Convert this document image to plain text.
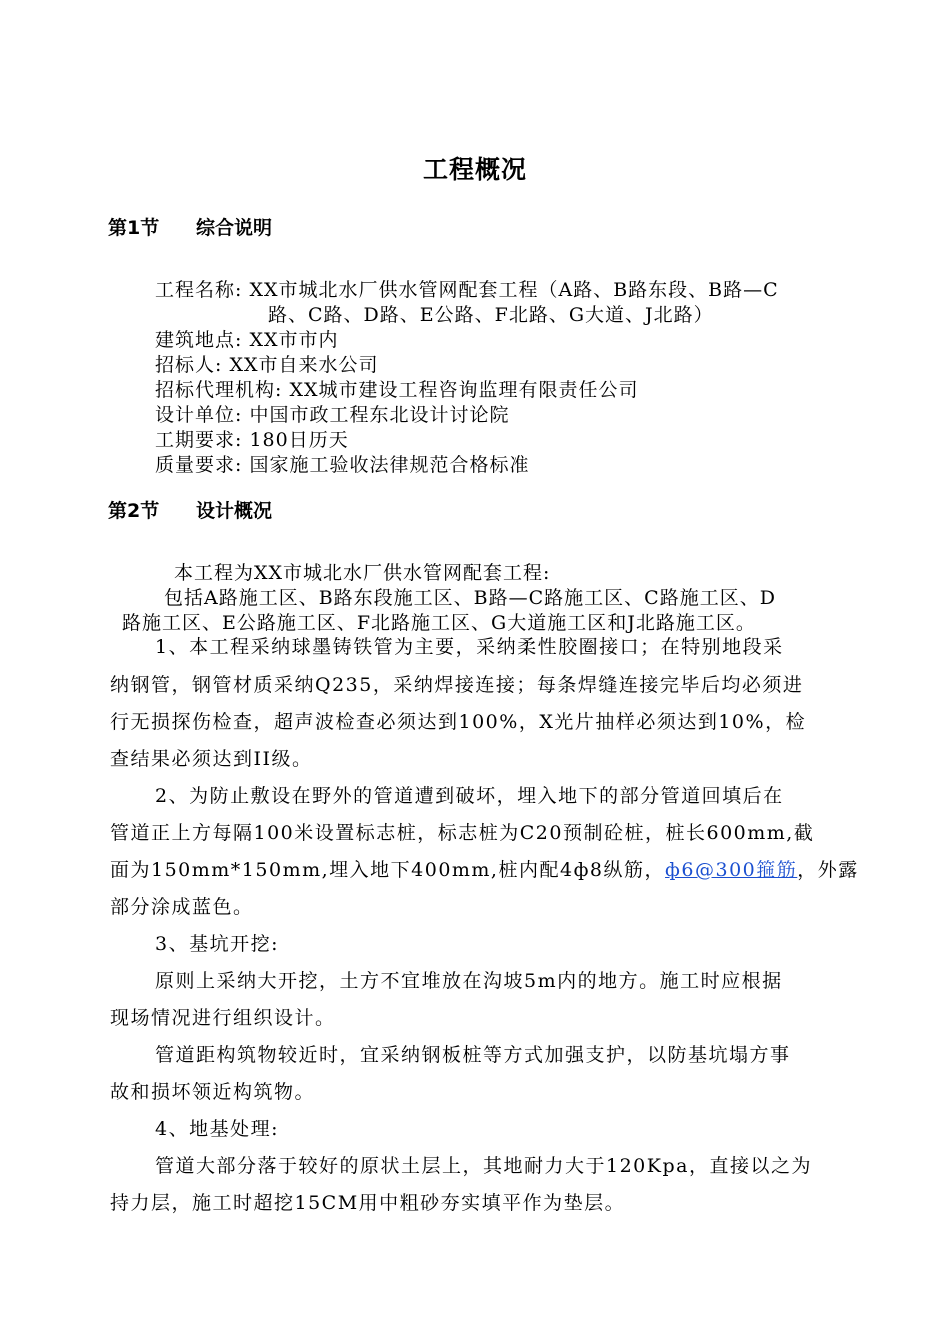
工程概况
第1节 综合说明
工程名称: XX市城北水厂供水管网配套工程（A路、B路东段、B路—C
路、C路、D路、E公路、F北路、G大道、J北路）
建筑地点: XX市市内
招标人: XX市自来水公司
招标代理机构: XX城市建设工程咨询监理有限责任公司
设计单位: 中国市政工程东北设计讨论院
工期要求: 180日历天
质量要求: 国家施工验收法律规范合格标准
第2节 设计概况
本工程为XX市城北水厂供水管网配套工程:
包括A路施工区、B路东段施工区、B路—C路施工区、C路施工区、D
路施工区、E公路施工区、F北路施工区、G大道施工区和J北路施工区。
1、本工程采纳球墨铸铁管为主要，采纳柔性胶圈接口；在特别地段采
纳钢管，钢管材质采纳Q235，采纳焊接连接；每条焊缝连接完毕后均必须进
行无损探伤检查，超声波检查必须达到100%，X光片抽样必须达到10%，检
查结果必须达到II级。
2、为防止敷设在野外的管道遭到破坏，埋入地下的部分管道回填后在
管道正上方每隔100米设置标志桩，标志桩为C20预制砼桩，桩长600mm,截
面为150mm*150mm,埋入地下400mm,桩内配4ф8纵筋，ф6@300箍筋，外露
部分涂成蓝色。
3、基坑开挖:
原则上采纳大开挖，土方不宜堆放在沟坡5m内的地方。施工时应根据
现场情况进行组织设计。
管道距构筑物较近时，宜采纳钢板桩等方式加强支护，以防基坑塌方事
故和损坏领近构筑物。
4、地基处理:
管道大部分落于较好的原状土层上，其地耐力大于120Kpa，直接以之为
持力层，施工时超挖15CM用中粗砂夯实填平作为垫层。
